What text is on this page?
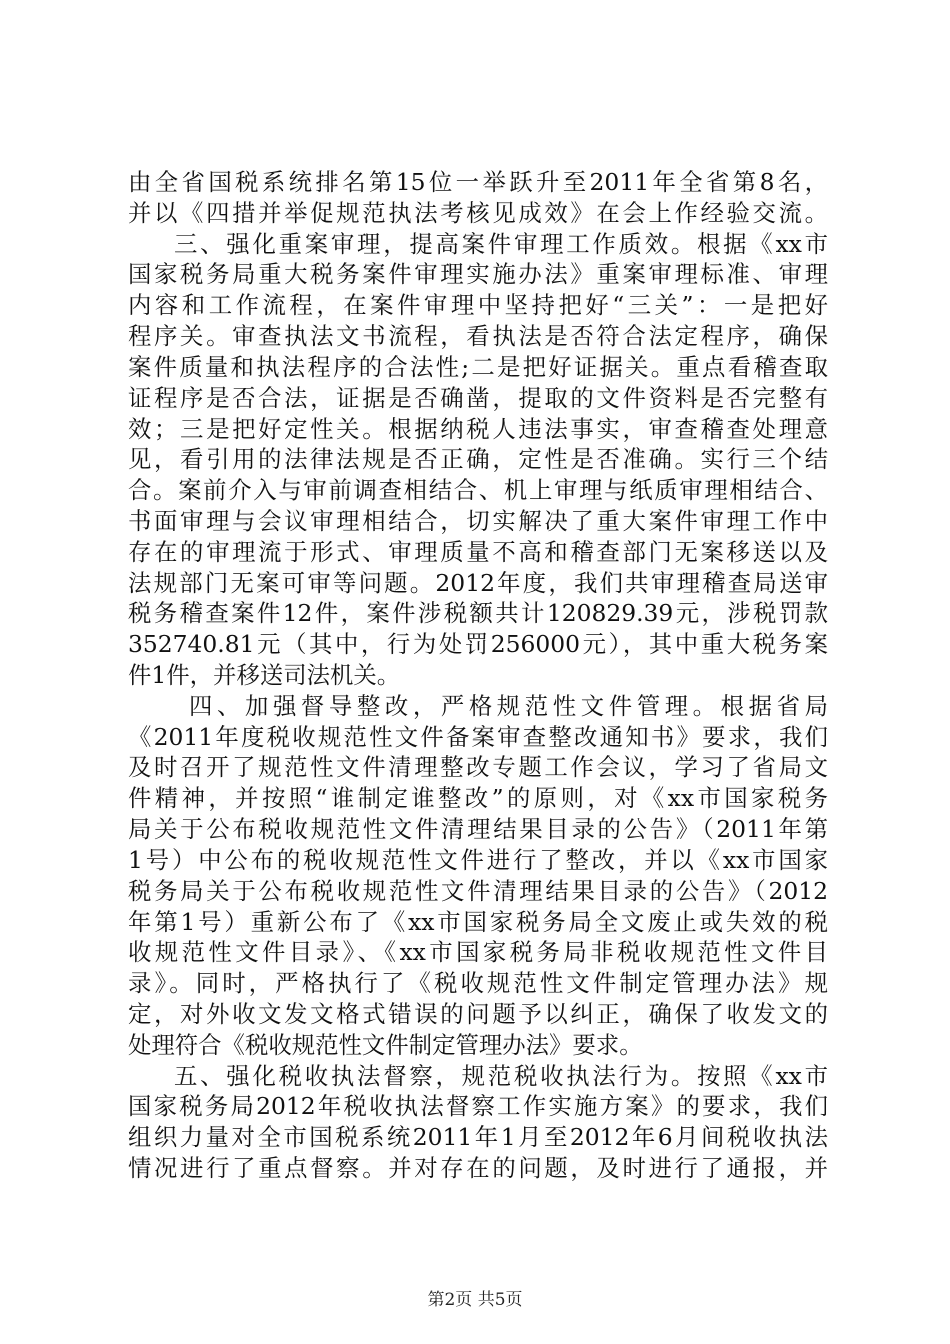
由全省国税系统排名第15位一举跃升至2011年全省第8名，
并以《四措并举促规范执法考核见成效》在会上作经验交流。
三、强化重案审理，提高案件审理工作质效。根据《xx市
国家税务局重大税务案件审理实施办法》重案审理标准、审理
内容和工作流程，在案件审理中坚持把好“三关”：一是把好
程序关。审查执法文书流程，看执法是否符合法定程序，确保
案件质量和执法程序的合法性;二是把好证据关。重点看稽查取
证程序是否合法，证据是否确凿，提取的文件资料是否完整有
效；三是把好定性关。根据纳税人违法事实，审查稽查处理意
见，看引用的法律法规是否正确，定性是否准确。实行三个结
合。案前介入与审前调查相结合、机上审理与纸质审理相结合、
书面审理与会议审理相结合，切实解决了重大案件审理工作中
存在的审理流于形式、审理质量不高和稽查部门无案移送以及
法规部门无案可审等问题。2012年度，我们共审理稽查局送审
税务稽查案件12件，案件涉税额共计120829.39元，涉税罚款
352740.81元（其中，行为处罚256000元），其中重大税务案
件1件，并移送司法机关。
四、加强督导整改，严格规范性文件管理。根据省局
《2011年度税收规范性文件备案审查整改通知书》要求，我们
及时召开了规范性文件清理整改专题工作会议，学习了省局文
件精神，并按照“谁制定谁整改”的原则，对《xx市国家税务
局关于公布税收规范性文件清理结果目录的公告》（2011年第
1号）中公布的税收规范性文件进行了整改，并以《xx市国家
税务局关于公布税收规范性文件清理结果目录的公告》（2012
年第1号）重新公布了《xx市国家税务局全文废止或失效的税
收规范性文件目录》、《xx市国家税务局非税收规范性文件目
录》。同时，严格执行了《税收规范性文件制定管理办法》规
定，对外收文发文格式错误的问题予以纠正，确保了收发文的
处理符合《税收规范性文件制定管理办法》要求。
五、强化税收执法督察，规范税收执法行为。按照《xx市
国家税务局2012年税收执法督察工作实施方案》的要求，我们
组织力量对全市国税系统2011年1月至2012年6月间税收执法
情况进行了重点督察。并对存在的问题，及时进行了通报，并
第2页 共5页
